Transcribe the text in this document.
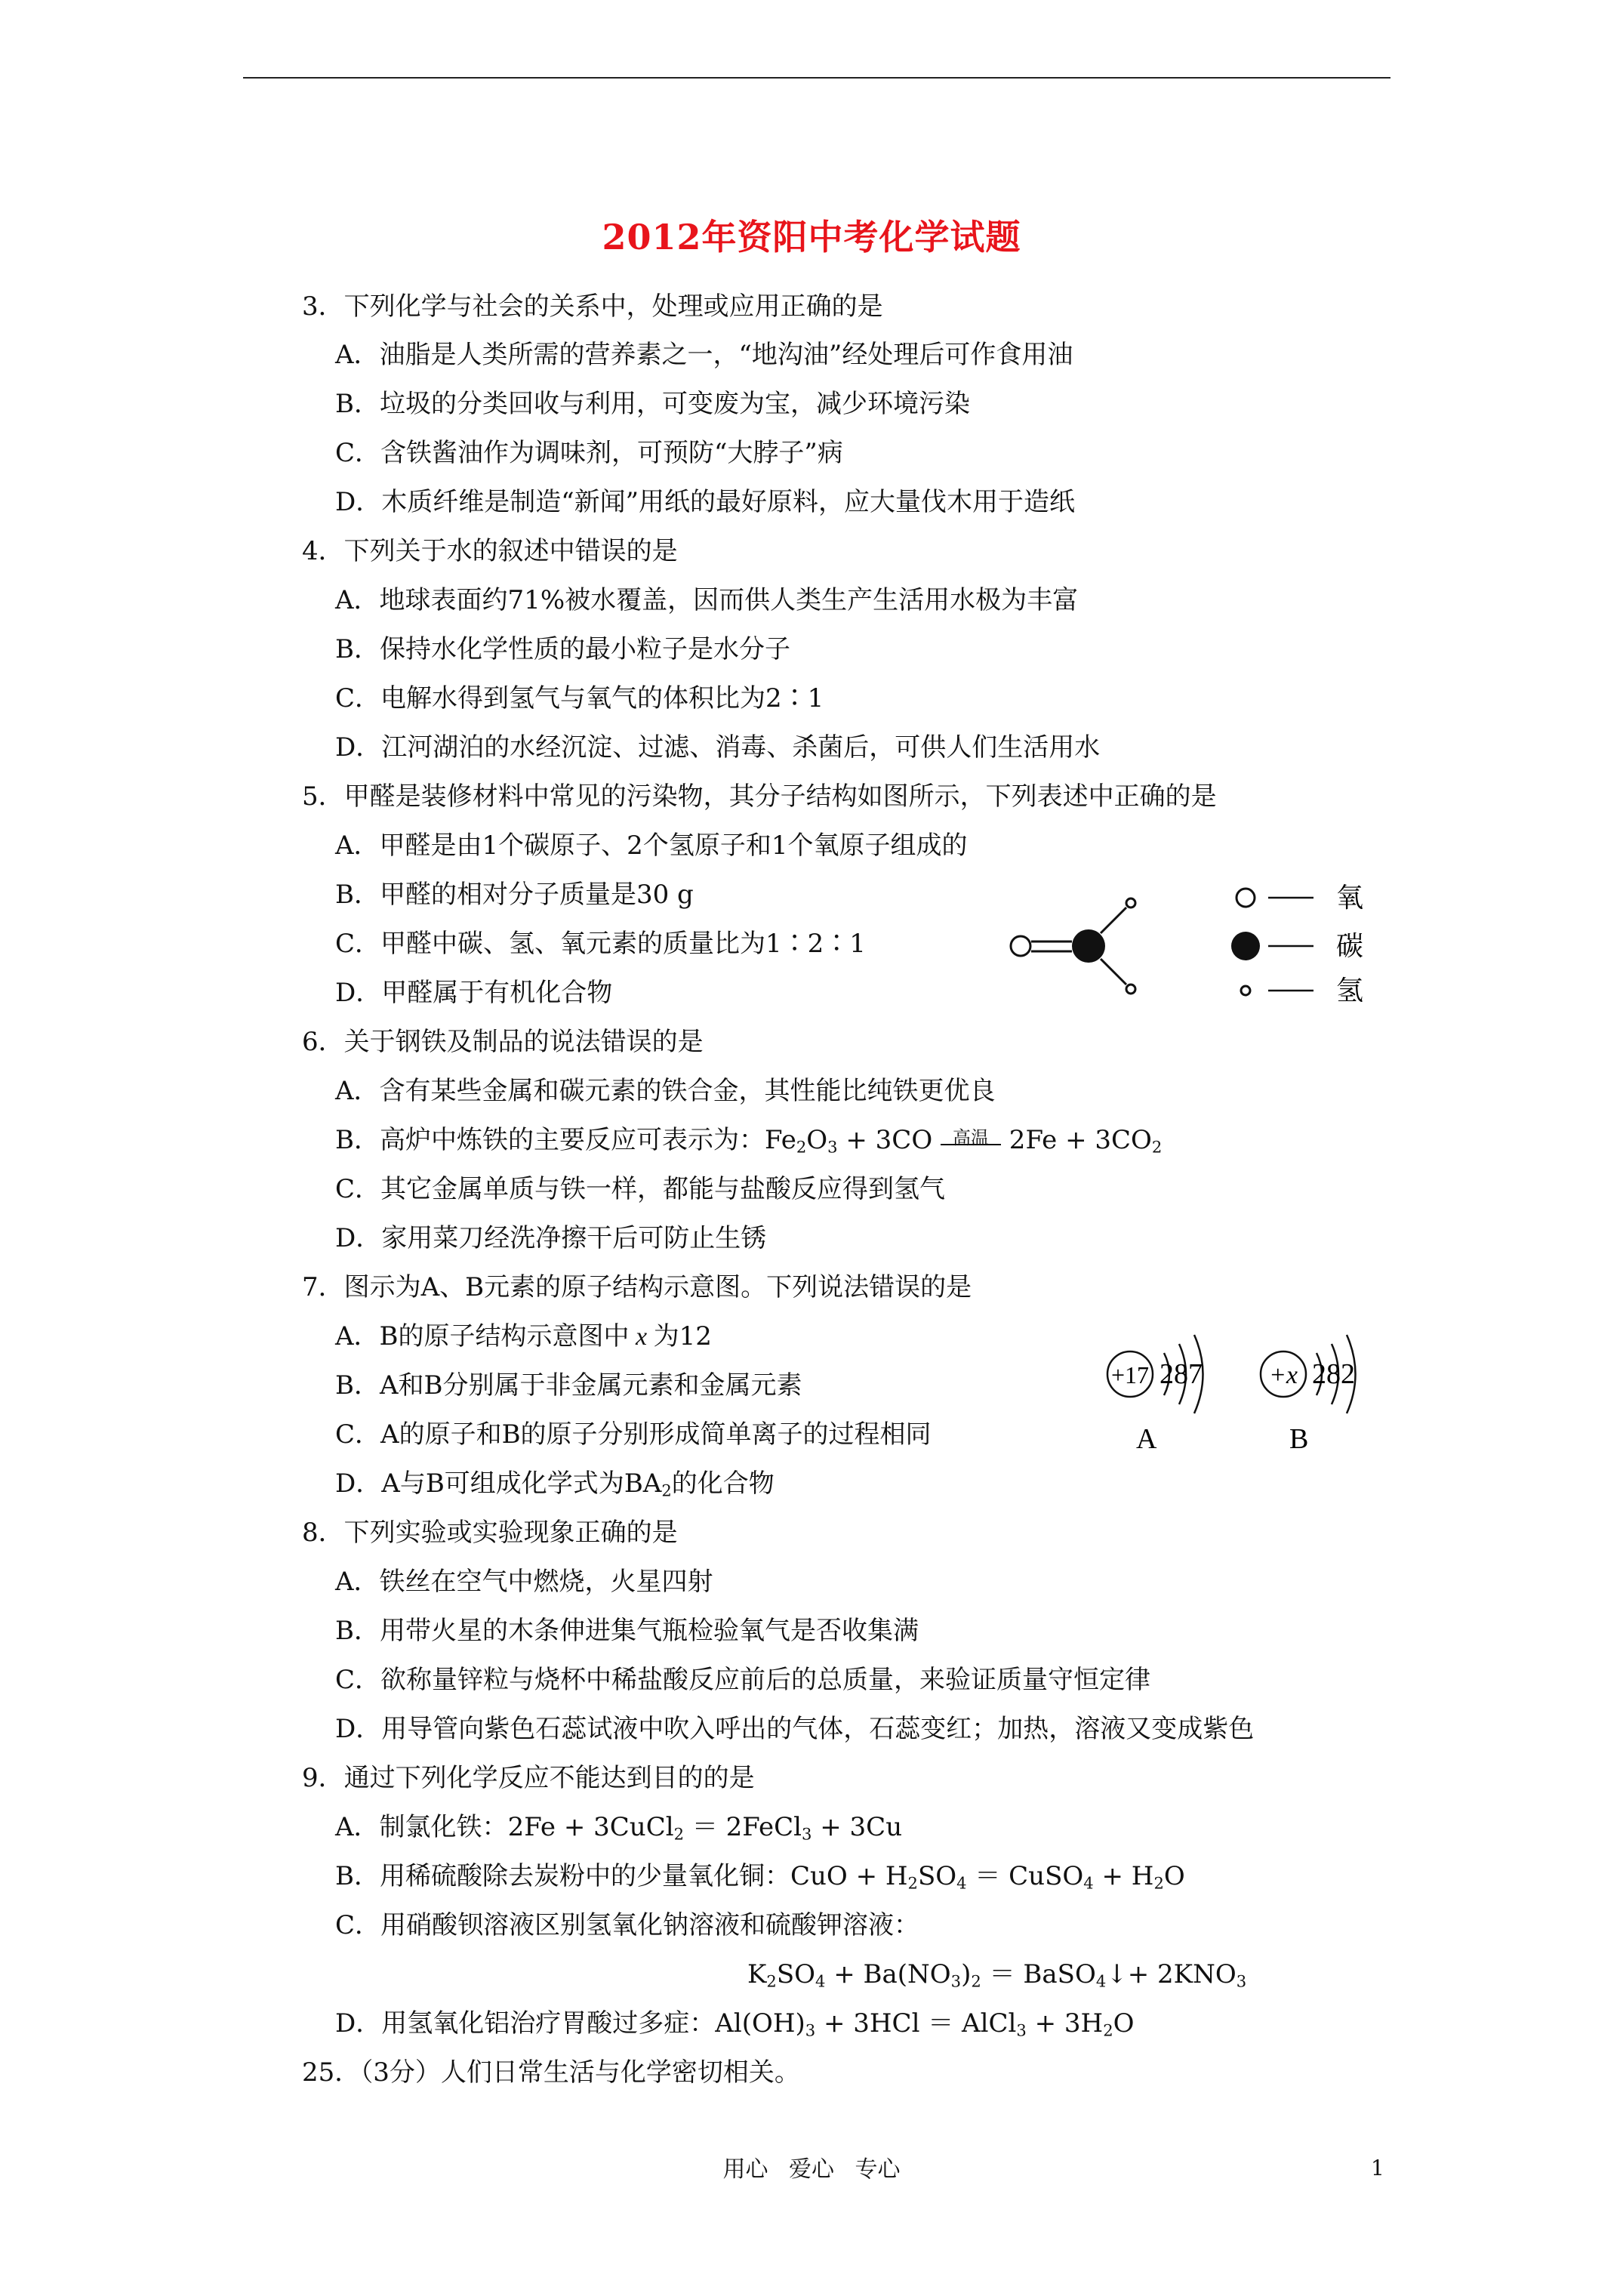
2012年资阳中考化学试题
3．下列化学与社会的关系中，处理或应用正确的是
A．油脂是人类所需的营养素之一，“地沟油”经处理后可作食用油
B．垃圾的分类回收与利用，可变废为宝，减少环境污染
C．含铁酱油作为调味剂，可预防“大脖子”病
D．木质纤维是制造“新闻”用纸的最好原料，应大量伐木用于造纸
4．下列关于水的叙述中错误的是
A．地球表面约71%被水覆盖，因而供人类生产生活用水极为丰富
B．保持水化学性质的最小粒子是水分子
C．电解水得到氢气与氧气的体积比为2∶1
D．江河湖泊的水经沉淀、过滤、消毒、杀菌后，可供人们生活用水
5．甲醛是装修材料中常见的污染物，其分子结构如图所示，下列表述中正确的是
A．甲醛是由1个碳原子、2个氢原子和1个氧原子组成的
B．甲醛的相对分子质量是30 g
C．甲醛中碳、氢、氧元素的质量比为1∶2∶1
D．甲醛属于有机化合物
氧
碳
氢
6．关于钢铁及制品的说法错误的是
A．含有某些金属和碳元素的铁合金，其性能比纯铁更优良
B．高炉中炼铁的主要反应可表示为：$Fe_2O_3 + 3CO$ 高温 $2Fe + 3CO_2$
C．其它金属单质与铁一样，都能与盐酸反应得到氢气
D．家用菜刀经洗净擦干后可防止生锈
7．图示为A、B元素的原子结构示意图。下列说法错误的是
A．B的原子结构示意图中 x 为12
B．A和B分别属于非金属元素和金属元素
C．A的原子和B的原子分别形成简单离子的过程相同
D．A与B可组成化学式为$BA_2$的化合物
+17 287
A
+x 282
B
8．下列实验或实验现象正确的是
A．铁丝在空气中燃烧，火星四射
B．用带火星的木条伸进集气瓶检验氧气是否收集满
C．欲称量锌粒与烧杯中稀盐酸反应前后的总质量，来验证质量守恒定律
D．用导管向紫色石蕊试液中吹入呼出的气体，石蕊变红；加热，溶液又变成紫色
9．通过下列化学反应不能达到目的的是
A．制氯化铁：2Fe + 3CuCl$_2$ ＝ 2FeCl$_3$ + 3Cu
B．用稀硫酸除去炭粉中的少量氧化铜：CuO + $H_2SO_4$ ＝ CuSO$_4$ + $H_2O$
C．用硝酸钡溶液区别氢氧化钠溶液和硫酸钾溶液：
$K_2SO_4 + Ba(NO_3)_2$ ＝ BaSO$_4$↓+ $2KNO_3$
D．用氢氧化铝治疗胃酸过多症：$Al(OH)_3 + 3HCl$ ＝ AlCl$_3$ + $3H_2O$
25．（3分）人们日常生活与化学密切相关。
用心 爱心 专心	1
